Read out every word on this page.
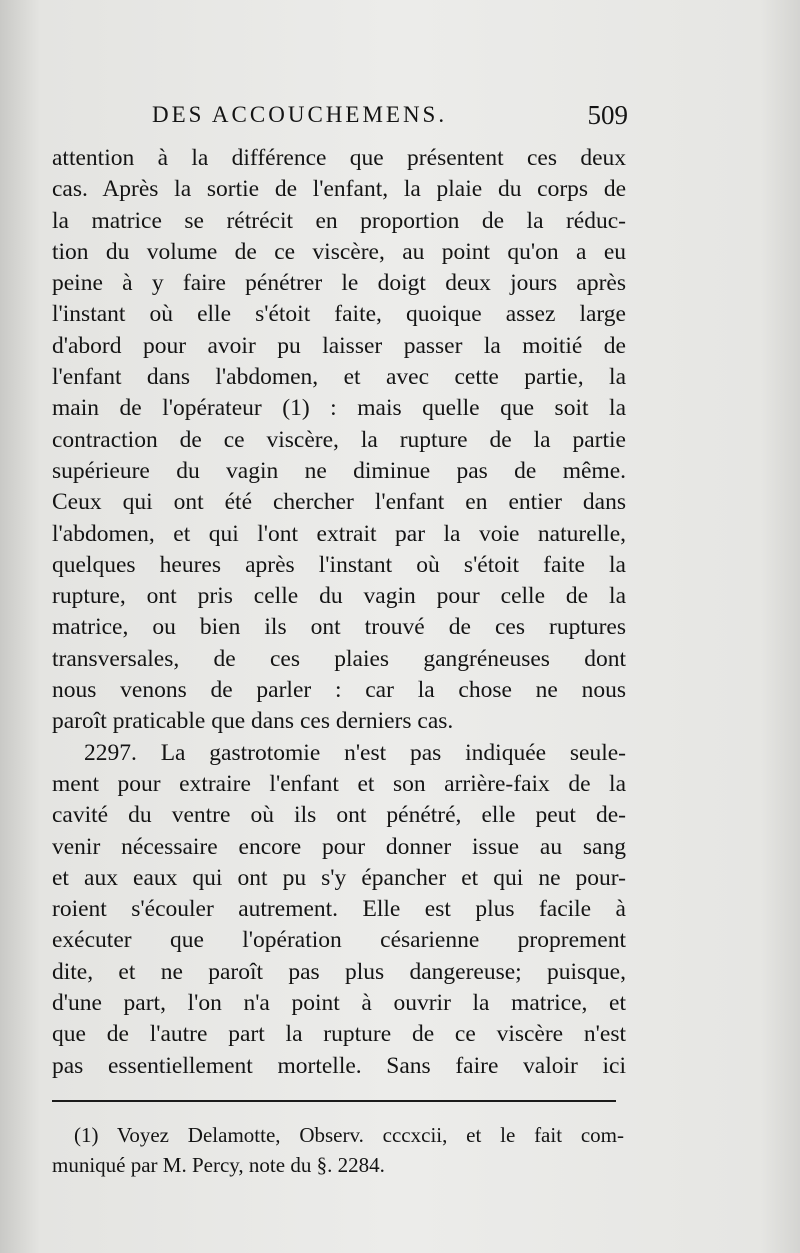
DES ACCOUCHEMENS.	509
attention à la différence que présentent ces deux
cas. Après la sortie de l'enfant, la plaie du corps de
la matrice se rétrécit en proportion de la réduc-
tion du volume de ce viscère, au point qu'on a eu
peine à y faire pénétrer le doigt deux jours après
l'instant où elle s'étoit faite, quoique assez large
d'abord pour avoir pu laisser passer la moitié de
l'enfant dans l'abdomen, et avec cette partie, la
main de l'opérateur (1) : mais quelle que soit la
contraction de ce viscère, la rupture de la partie
supérieure du vagin ne diminue pas de même.
Ceux qui ont été chercher l'enfant en entier dans
l'abdomen, et qui l'ont extrait par la voie naturelle,
quelques heures après l'instant où s'étoit faite la
rupture, ont pris celle du vagin pour celle de la
matrice, ou bien ils ont trouvé de ces ruptures
transversales, de ces plaies gangréneuses dont
nous venons de parler : car la chose ne nous
paroît praticable que dans ces derniers cas.
2297. La gastrotomie n'est pas indiquée seule-
ment pour extraire l'enfant et son arrière-faix de la
cavité du ventre où ils ont pénétré, elle peut de-
venir nécessaire encore pour donner issue au sang
et aux eaux qui ont pu s'y épancher et qui ne pour-
roient s'écouler autrement. Elle est plus facile à
exécuter que l'opération césarienne proprement
dite, et ne paroît pas plus dangereuse; puisque,
d'une part, l'on n'a point à ouvrir la matrice, et
que de l'autre part la rupture de ce viscère n'est
pas essentiellement mortelle. Sans faire valoir ici
(1) Voyez Delamotte, Observ. cccxcii, et le fait com-
muniqué par M. Percy, note du §. 2284.
